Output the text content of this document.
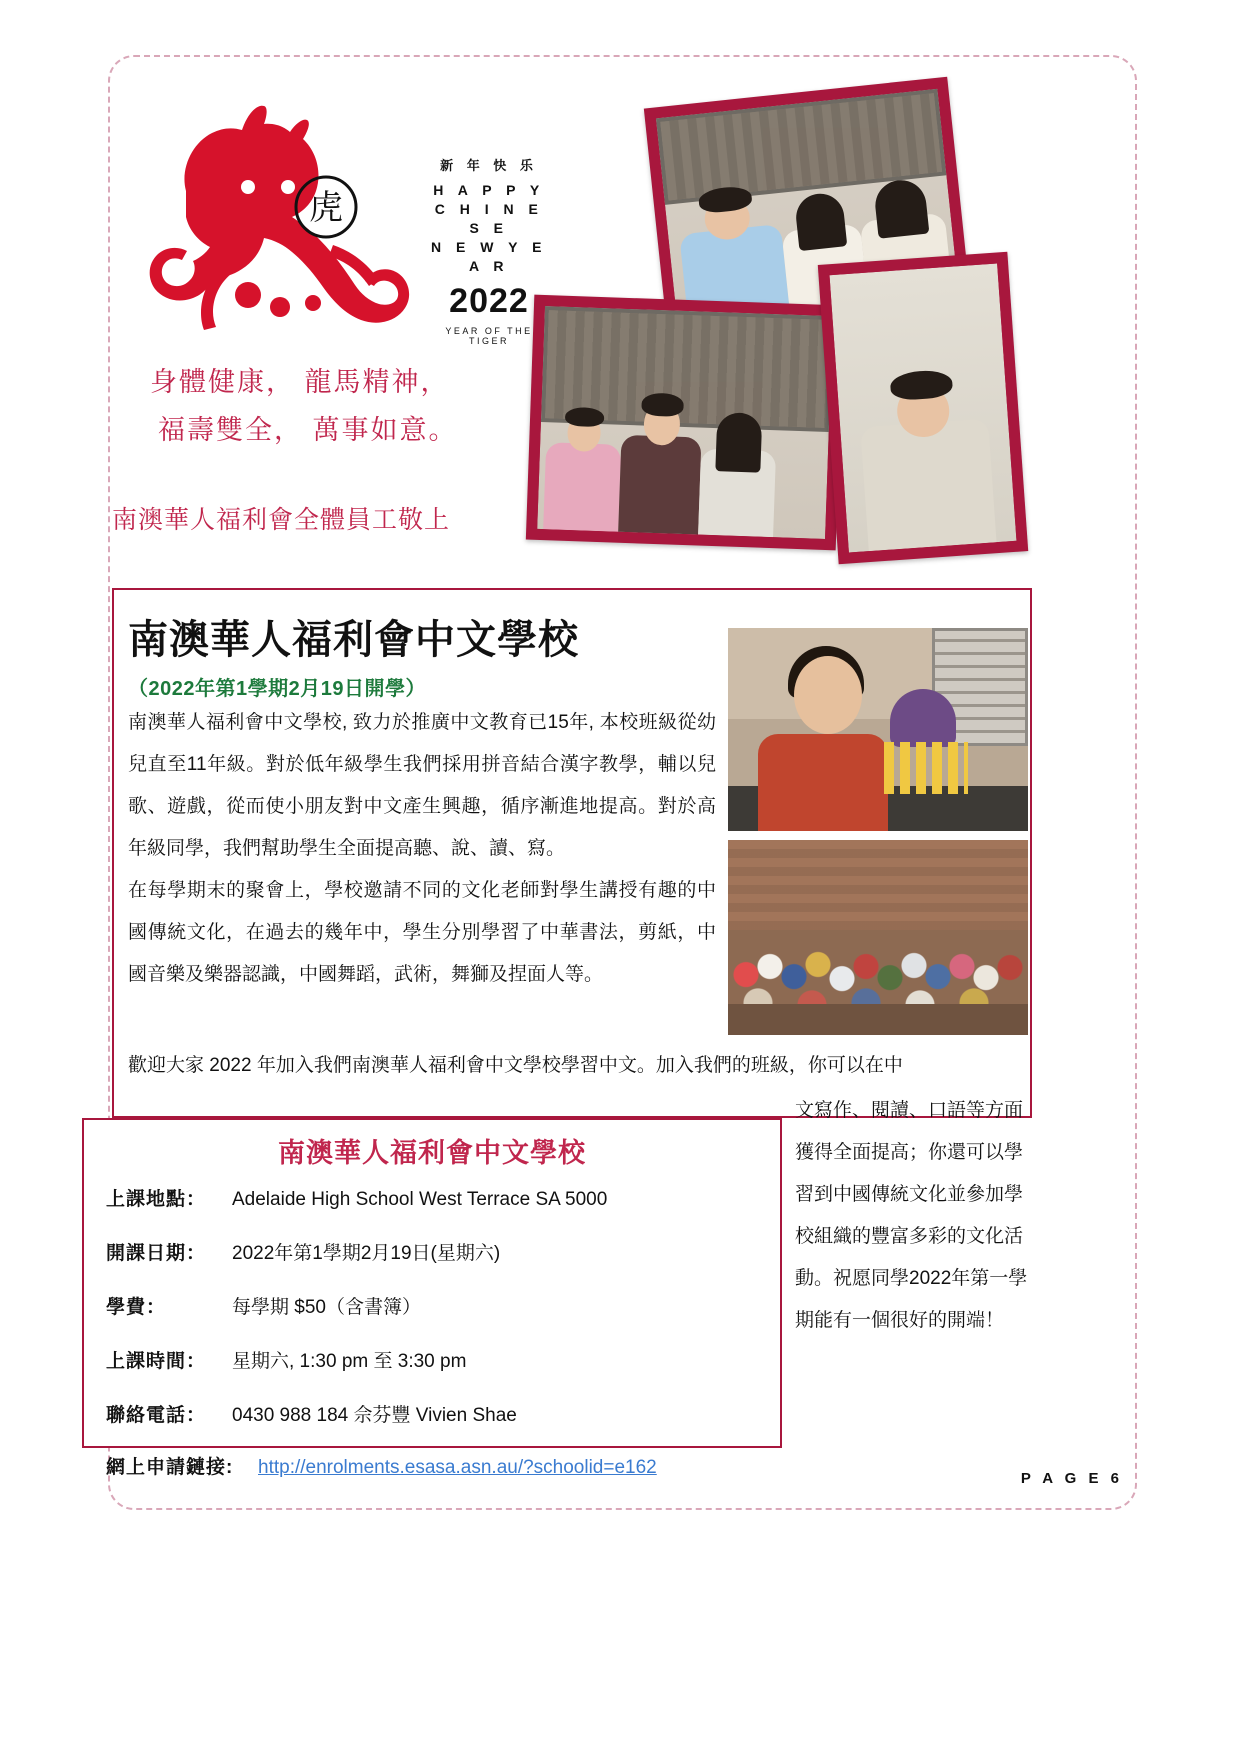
虎
新 年 快 乐
H A P P Y
C H I N E S E
N E W Y E A R
2022
YEAR OF THE TIGER
身體健康， 龍馬精神，
福壽雙全， 萬事如意。
南澳華人福利會全體員工敬上
南澳華人福利會中文學校
（2022年第1學期2月19日開學）

南澳華人福利會中文學校, 致力於推廣中文教育已15年, 本校班級從幼兒直至11年級。對於低年級學生我們採用拼音結合漢字教學，輔以兒歌、遊戲，從而使小朋友對中文產生興趣，循序漸進地提高。對於高年級同學，我們幫助學生全面提高聽、說、讀、寫。

在每學期末的聚會上，學校邀請不同的文化老師對學生講授有趣的中國傳統文化，在過去的幾年中，學生分別學習了中華書法，剪紙，中國音樂及樂器認識，中國舞蹈，武術，舞獅及捏面人等。

歡迎大家 2022 年加入我們南澳華人福利會中文學校學習中文。加入我們的班級，你可以在中
文寫作、閱讀、口語等方面獲得全面提高；你還可以學習到中國傳統文化並參加學校組織的豐富多彩的文化活動。祝愿同學2022年第一學期能有一個很好的開端！
南澳華人福利會中文學校
上課地點： Adelaide High School West Terrace SA 5000
開課日期： 2022年第1學期2月19日(星期六)
學費：	每學期 $50（含書簿）
上課時間： 星期六, 1:30 pm 至 3:30 pm
聯絡電話： 0430 988 184 佘芬豐 Vivien Shae
網上申請鏈接: http://enrolments.esasa.asn.au/?schoolid=e162
P A G E 6
